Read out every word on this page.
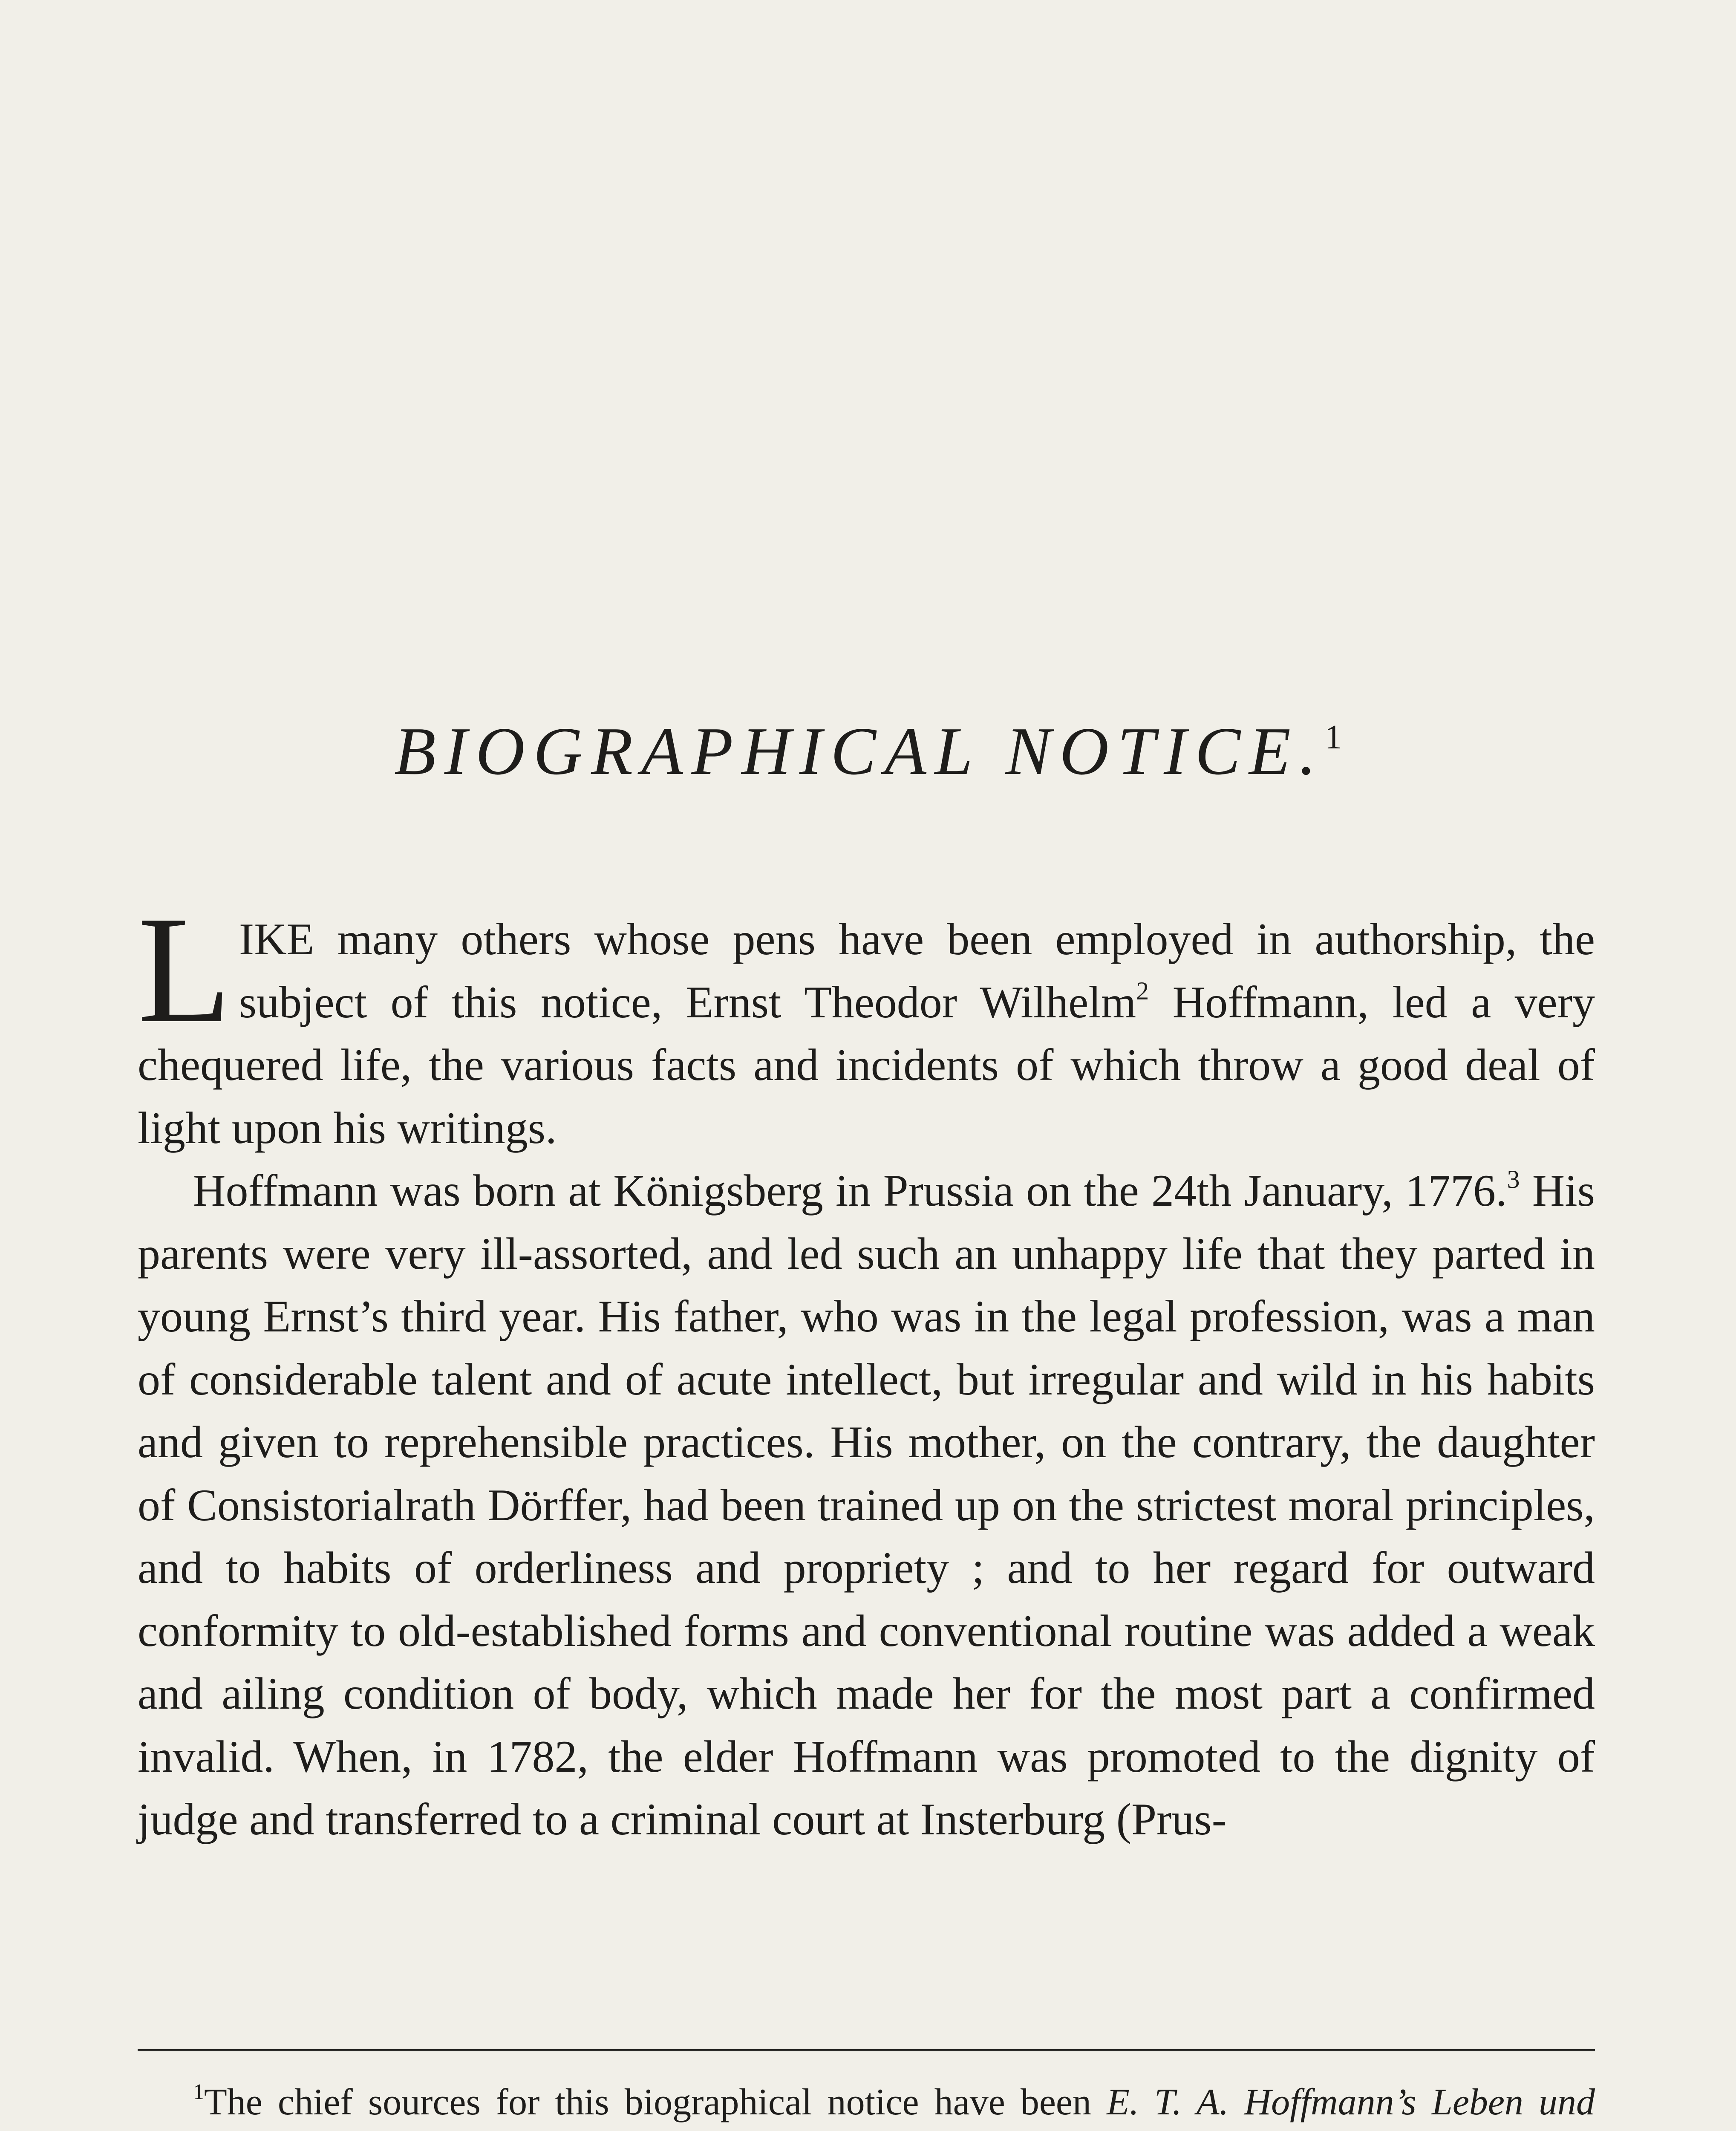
BIOGRAPHICAL NOTICE.$^1$

LIKE many others whose pens have been employed in authorship, the subject of this notice, Ernst Theodor Wilhelm$^2$ Hoffmann, led a very chequered life, the various facts and incidents of which throw a good deal of light upon his writings.

Hoffmann was born at Königsberg in Prussia on the 24th January, 1776.$^3$ His parents were very ill-assorted, and led such an unhappy life that they parted in young Ernst’s third year. His father, who was in the legal profession, was a man of considerable talent and of acute intellect, but irregular and wild in his habits and given to reprehensible practices. His mother, on the contrary, the daughter of Consistorialrath Dörffer, had been trained up on the strictest moral principles, and to habits of orderliness and propriety ; and to her regard for outward conformity to old-established forms and conventional routine was added a weak and ailing condition of body, which made her for the most part a confirmed invalid. When, in 1782, the elder Hoffmann was promoted to the dignity of judge and transferred to a criminal court at Insterburg (Prus-

$^1$The chief sources for this biographical notice have been E. T. A. Hoffmann’s Leben und
